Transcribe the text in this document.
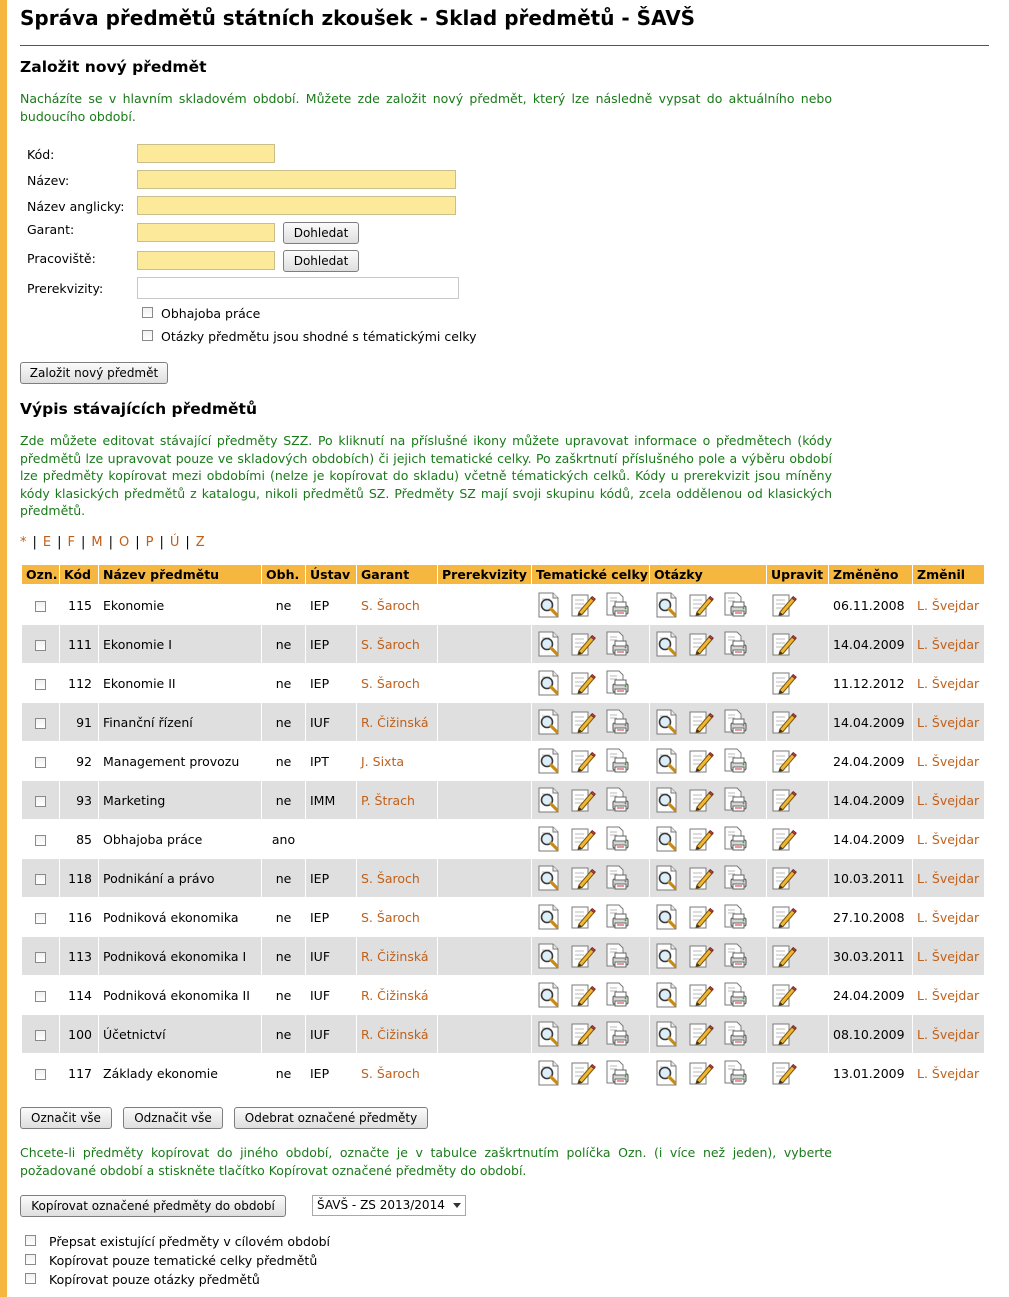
Správa předmětů státních zkoušek - Sklad předmětů - ŠAVŠ
Založit nový předmět
Nacházíte se v hlavním skladovém období. Můžete zde založit nový předmět, který lze následně vypsat do aktuálního nebo budoucího období.
Kód:
Název:
Název anglicky:
Garant:	Dohledat
Pracoviště:	Dohledat
Prerekvizity:
Obhajoba práce
Otázky předmětu jsou shodné s tématickými celky
Založit nový předmět
Výpis stávajících předmětů
Zde můžete editovat stávající předměty SZZ. Po kliknutí na příslušné ikony můžete upravovat informace o předmětech (kódy předmětů lze upravovat pouze ve skladových obdobích) či jejich tematické celky. Po zaškrtnutí příslušného pole a výběru období lze předměty kopírovat mezi obdobími (nelze je kopírovat do skladu) včetně tématických celků. Kódy u prerekvizit jsou míněny kódy klasických předmětů z katalogu, nikoli předmětů SZ. Předměty SZ mají svoji skupinu kódů, zcela oddělenou od klasických předmětů.
* | E | F | M | O | P | Ú | Z
Ozn.	Kód	Název předmětu	Obh.	Ústav	Garant	Prerekvizity	Tematické celky	Otázky	Upravit	Změněno	Změnil
	115	Ekonomie	ne	IEP	S. Šaroch					06.11.2008	L. Švejdar
	111	Ekonomie I	ne	IEP	S. Šaroch					14.04.2009	L. Švejdar
	112	Ekonomie II	ne	IEP	S. Šaroch					11.12.2012	L. Švejdar
	91	Finanční řízení	ne	IUF	R. Čižinská					14.04.2009	L. Švejdar
	92	Management provozu	ne	IPT	J. Sixta					24.04.2009	L. Švejdar
	93	Marketing	ne	IMM	P. Štrach					14.04.2009	L. Švejdar
	85	Obhajoba práce	ano							14.04.2009	L. Švejdar
	118	Podnikání a právo	ne	IEP	S. Šaroch					10.03.2011	L. Švejdar
	116	Podniková ekonomika	ne	IEP	S. Šaroch					27.10.2008	L. Švejdar
	113	Podniková ekonomika I	ne	IUF	R. Čižinská					30.03.2011	L. Švejdar
	114	Podniková ekonomika II	ne	IUF	R. Čižinská					24.04.2009	L. Švejdar
	100	Účetnictví	ne	IUF	R. Čižinská					08.10.2009	L. Švejdar
	117	Základy ekonomie	ne	IEP	S. Šaroch					13.01.2009	L. Švejdar
Označit vše	Odznačit vše	Odebrat označené předměty
Chcete-li předměty kopírovat do jiného období, označte je v tabulce zaškrtnutím políčka Ozn. (i více než jeden), vyberte požadované období a stiskněte tlačítko Kopírovat označené předměty do období.
Kopírovat označené předměty do období	ŠAVŠ - ZS 2013/2014
Přepsat existující předměty v cílovém období
Kopírovat pouze tematické celky předmětů
Kopírovat pouze otázky předmětů
